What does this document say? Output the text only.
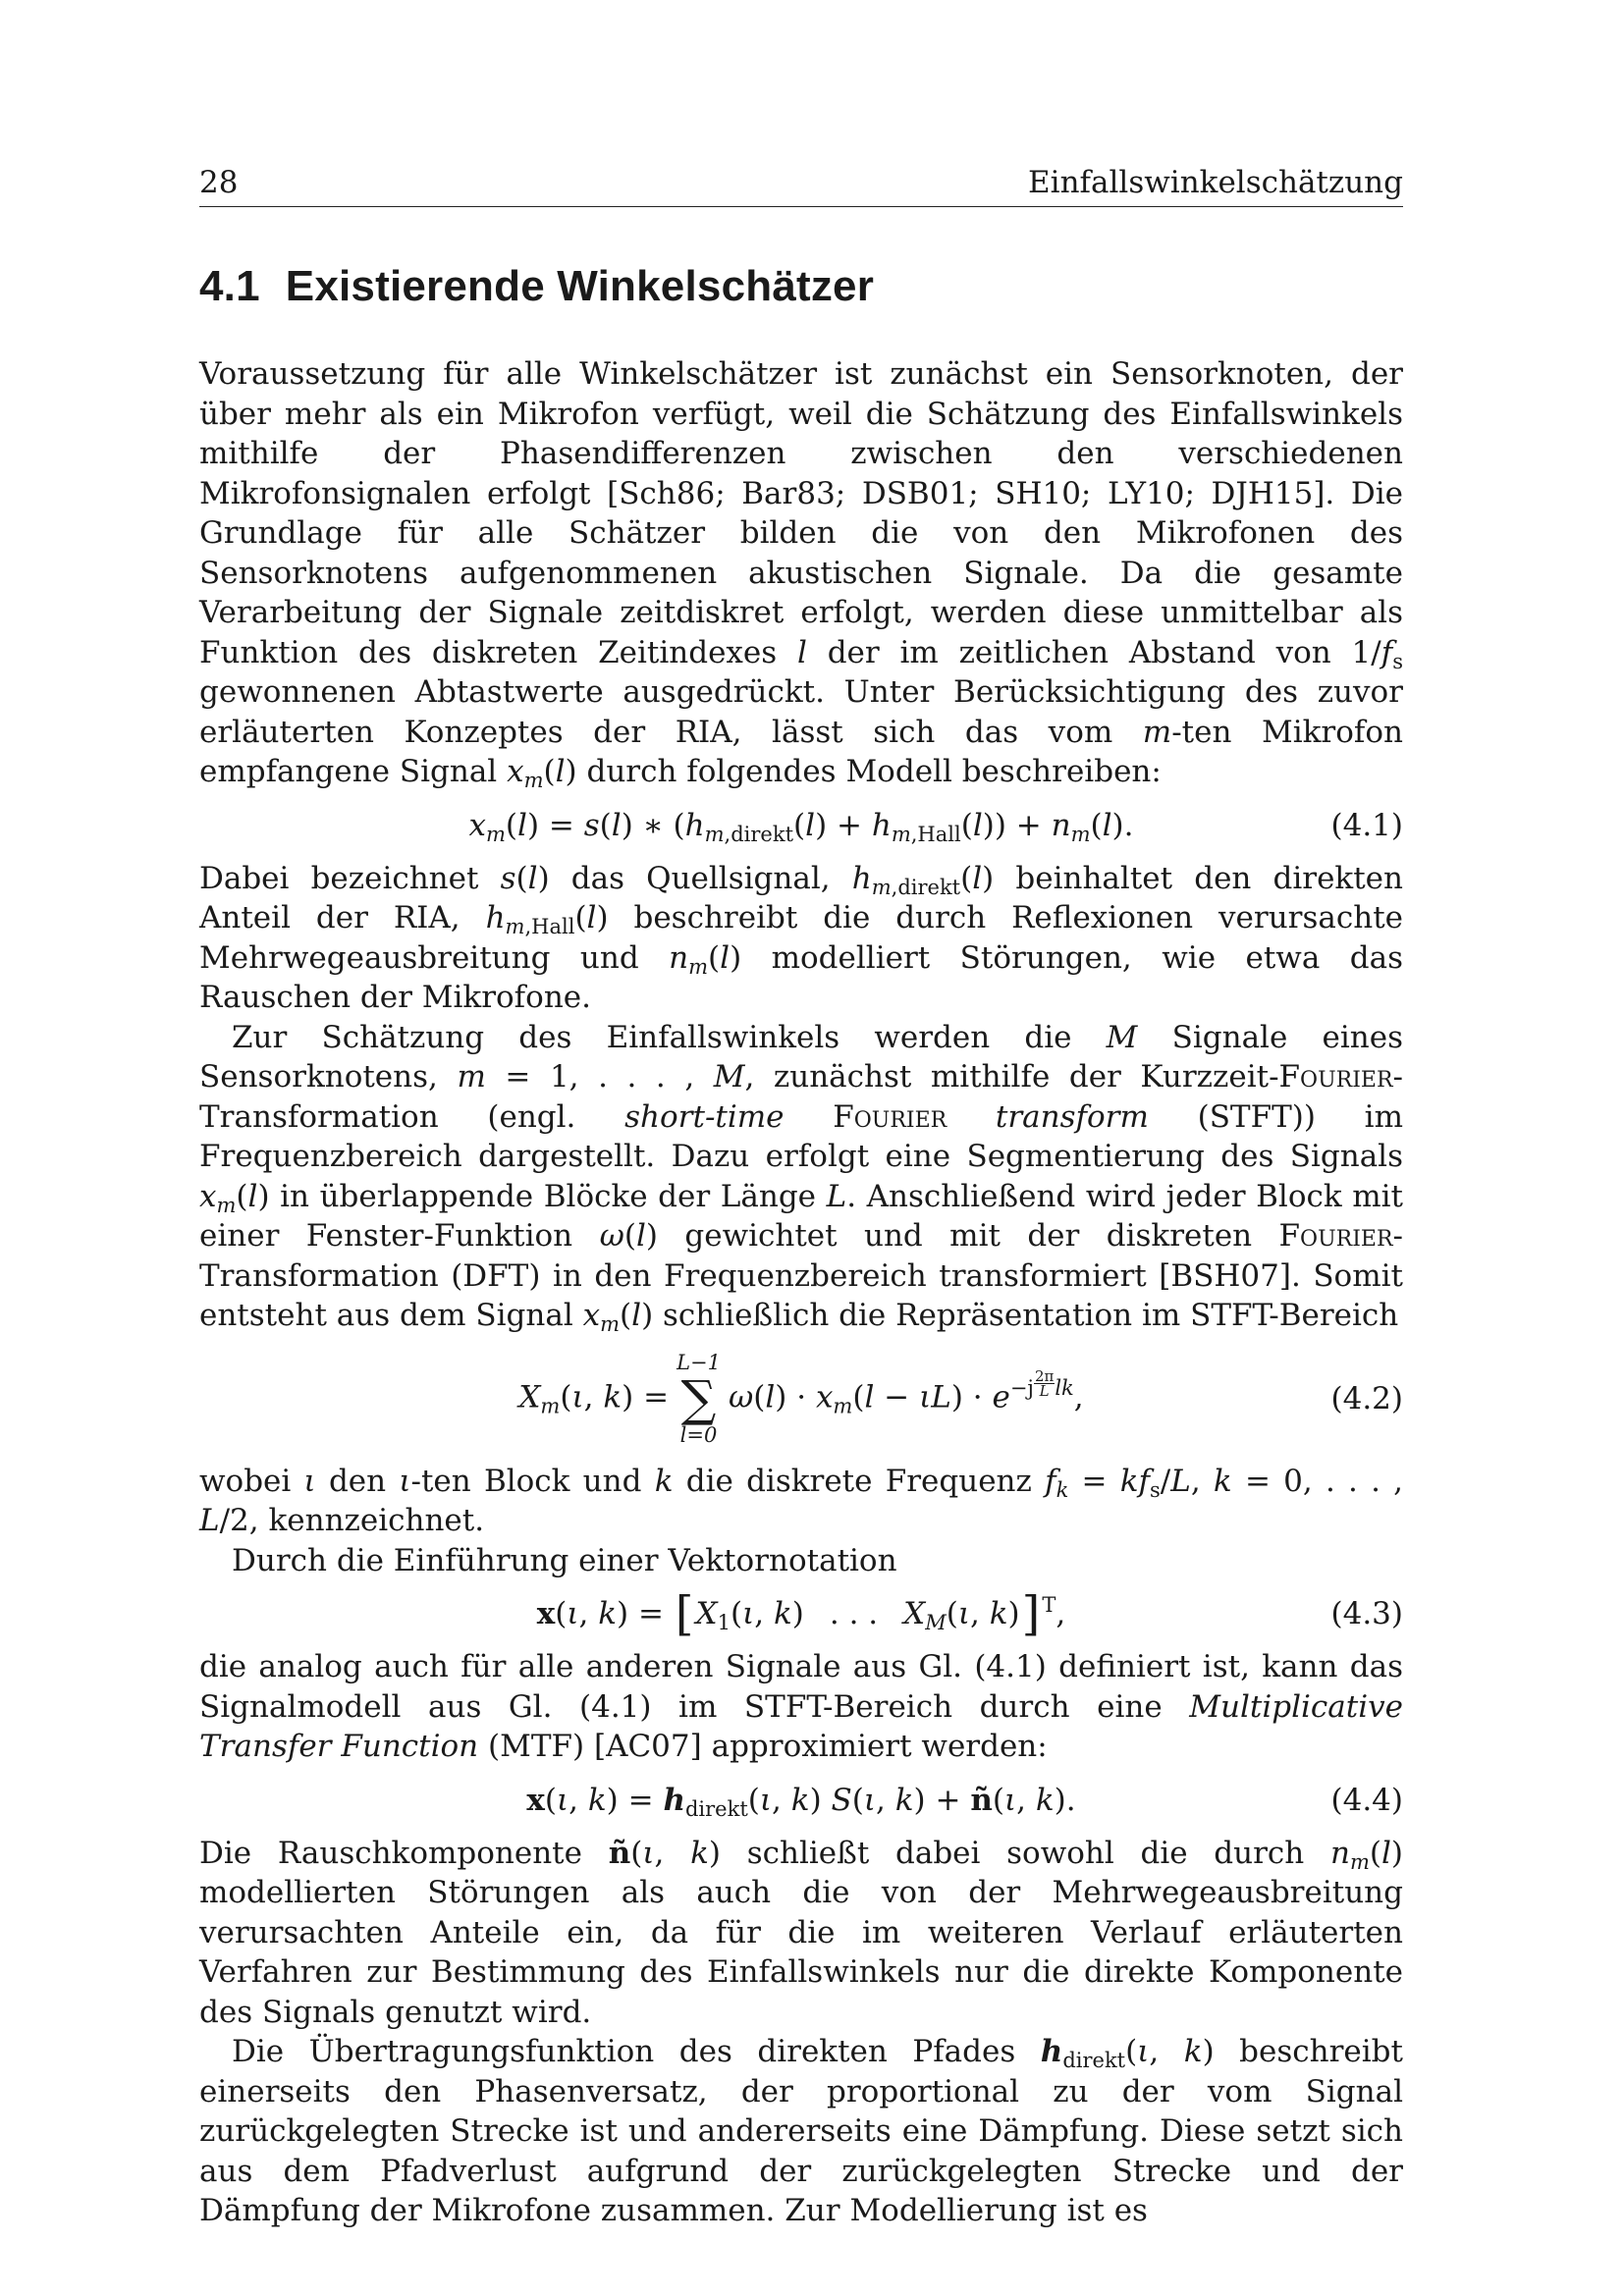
28	Einfallswinkelschätzung
4.1 Existierende Winkelschätzer

Voraussetzung für alle Winkelschätzer ist zunächst ein Sensorknoten, der über mehr als ein Mikrofon verfügt, weil die Schätzung des Einfallswinkels mithilfe der Phasendifferenzen zwischen den verschiedenen Mikrofonsignalen erfolgt [Sch86; Bar83; DSB01; SH10; LY10; DJH15]. Die Grundlage für alle Schätzer bilden die von den Mikrofonen des Sensorknotens aufgenommenen akustischen Signale. Da die gesamte Verarbeitung der Signale zeitdiskret erfolgt, werden diese unmittelbar als Funktion des diskreten Zeitindexes l der im zeitlichen Abstand von $1/f_s$ gewonnenen Abtastwerte ausgedrückt. Unter Berücksichtigung des zuvor erläuterten Konzeptes der RIA, lässt sich das vom m-ten Mikrofon empfangene Signal $x_m(l)$ durch folgendes Modell beschreiben:

$x_m(l) = s(l)$ ∗ $(h_{m,direkt}(l) + h_{m,Hall}(l)) + n_m(l)$.	(4.1)

Dabei bezeichnet s(l) das Quellsignal, $h_{m,direkt}(l)$ beinhaltet den direkten Anteil der RIA, $h_{m,Hall}(l)$ beschreibt die durch Reflexionen verursachte Mehrwegeausbreitung und $n_m(l)$ modelliert Störungen, wie etwa das Rauschen der Mikrofone.

Zur Schätzung des Einfallswinkels werden die M Signale eines Sensorknotens, m = 1, . . . , M, zunächst mithilfe der Kurzzeit-Fourier-Transformation (engl. short-time Fourier transform (STFT)) im Frequenzbereich dargestellt. Dazu erfolgt eine Segmentierung des Signals $x_m(l)$ in überlappende Blöcke der Länge L. Anschließend wird jeder Block mit einer Fenster-Funktion ω(l) gewichtet und mit der diskreten Fourier-Transformation (DFT) in den Frequenzbereich transformiert [BSH07]. Somit entsteht aus dem Signal $x_m(l)$ schließlich die Repräsentation im STFT-Bereich

$X_m(\iota$, k) =
L−1
∑
l=0
$\omega(l) \cdot x_m(l - \iota L) \cdot e^{-j \frac{2\pi}{L} lk}$,	(4.2)

wobei ι den ι-ten Block und k die diskrete Frequenz $f_k = kf_s/L$, k = 0, . . . , L/2, kennzeichnet.

Durch die Einführung einer Vektornotation

x(ι, $k) = [X_1(\iota$, k) . . . $X_M(\iota$, k)]$^T$,	(4.3)

die analog auch für alle anderen Signale aus Gl. (4.1) definiert ist, kann das Signalmodell aus Gl. (4.1) im STFT-Bereich durch eine Multiplicative Transfer Function (MTF) [AC07] approximiert werden:

x(ι, $k) = h_{direkt}(\iota$, k) S(ι, k) + ñ(ι, k).	(4.4)

Die Rauschkomponente ñ(ι, k) schließt dabei sowohl die durch $n_m(l)$ modellierten Störungen als auch die von der Mehrwegeausbreitung verursachten Anteile ein, da für die im weiteren Verlauf erläuterten Verfahren zur Bestimmung des Einfallswinkels nur die direkte Komponente des Signals genutzt wird.

Die Übertragungsfunktion des direkten Pfades $h_{direkt}(\iota$, k) beschreibt einerseits den Phasenversatz, der proportional zu der vom Signal zurückgelegten Strecke ist und andererseits eine Dämpfung. Diese setzt sich aus dem Pfadverlust aufgrund der zurückgelegten Strecke und der Dämpfung der Mikrofone zusammen. Zur Modellierung ist es
